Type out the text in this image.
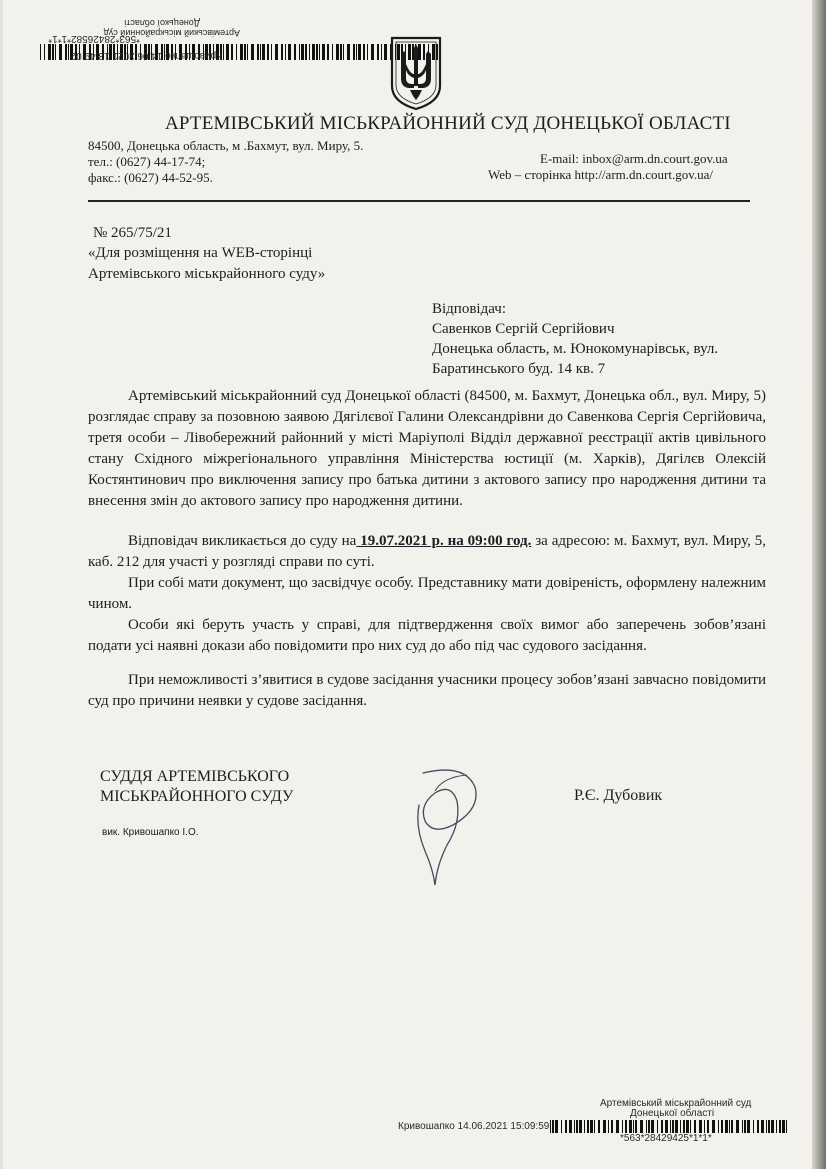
Кривошапко 14.06.2021 13:49:02
*563*28426582*1*1*
Артемівський міськрайонний суд
Донецької області
АРТЕМІВСЬКИЙ МІСЬКРАЙОННИЙ СУД ДОНЕЦЬКОЇ ОБЛАСТІ
84500, Донецька область, м .Бахмут, вул. Миру, 5.
тел.: (0627) 44-17-74;
факс.: (0627) 44-52-95.
E-mail: inbox@arm.dn.court.gov.ua
Web – сторінка http://arm.dn.court.gov.ua/
№ 265/75/21
«Для розміщення на WEB-сторінці
Артемівського міськрайонного суду»
Відповідач:
Савенков Сергій Сергійович
Донецька область, м. Юнокомунарівськ, вул.
Баратинського буд. 14 кв. 7
Артемівський міськрайонний суд Донецької області (84500, м. Бахмут, Донецька обл., вул. Миру, 5) розглядає справу за позовною заявою Дягілєвої Галини Олександрівни до Савенкова Сергія Сергійовича, третя особи – Лівобережний районний у місті Маріуполі Відділ державної реєстрації актів цивільного стану Східного міжрегіонального управління Міністерства юстиції (м. Харків), Дягілєв Олексій Костянтинович про виключення запису про батька дитини з актового запису про народження дитини та внесення змін до актового запису про народження дитини.
Відповідач викликається до суду на 19.07.2021 р. на 09:00 год. за адресою: м. Бахмут, вул. Миру, 5, каб. 212 для участі у розгляді справи по суті.
При собі мати документ, що засвідчує особу. Представнику мати довіреність, оформлену належним чином.
Особи які беруть участь у справі, для підтвердження своїх вимог або заперечень зобов’язані подати усі наявні докази або повідомити про них суд до або під час судового засідання.
При неможливості з’явитися в судове засідання учасники процесу зобов’язані завчасно повідомити суд про причини неявки у судове засідання.
СУДДЯ АРТЕМІВСЬКОГО
МІСЬКРАЙОННОГО СУДУ	Р.Є. Дубовик
вик. Кривошапко І.О.
Артемівський міськрайонний суд
Донецької області
Кривошапко 14.06.2021 15:09:59
*563*28429425*1*1*
